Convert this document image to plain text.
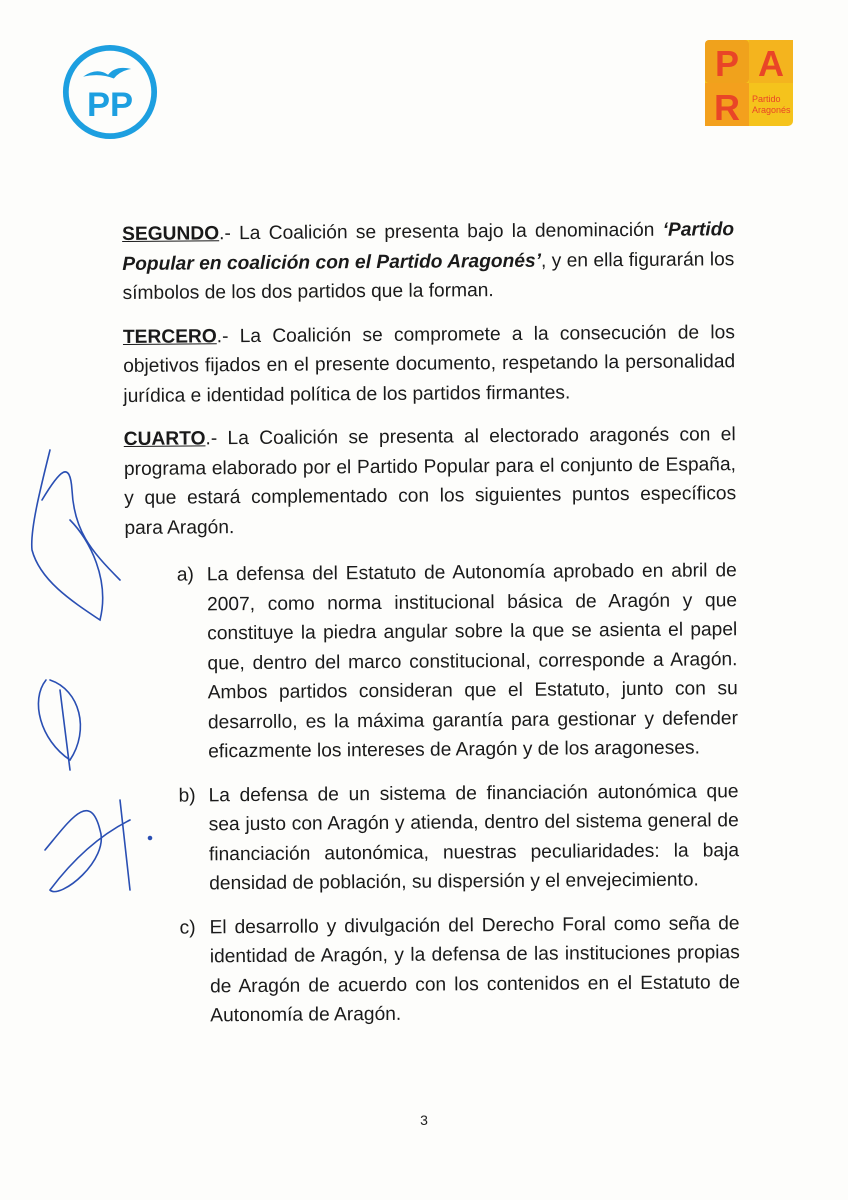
PP
P A
R Partido
Aragonés

SEGUNDO.- La Coalición se presenta bajo la denominación ‘Partido Popular en coalición con el Partido Aragonés’, y en ella figurarán los símbolos de los dos partidos que la forman.

TERCERO.- La Coalición se compromete a la consecución de los objetivos fijados en el presente documento, respetando la personalidad jurídica e identidad política de los partidos firmantes.

CUARTO.- La Coalición se presenta al electorado aragonés con el programa elaborado por el Partido Popular para el conjunto de España, y que estará complementado con los siguientes puntos específicos para Aragón.

a) La defensa del Estatuto de Autonomía aprobado en abril de 2007, como norma institucional básica de Aragón y que constituye la piedra angular sobre la que se asienta el papel que, dentro del marco constitucional, corresponde a Aragón. Ambos partidos consideran que el Estatuto, junto con su desarrollo, es la máxima garantía para gestionar y defender eficazmente los intereses de Aragón y de los aragoneses.

b) La defensa de un sistema de financiación autonómica que sea justo con Aragón y atienda, dentro del sistema general de financiación autonómica, nuestras peculiaridades: la baja densidad de población, su dispersión y el envejecimiento.

c) El desarrollo y divulgación del Derecho Foral como seña de identidad de Aragón, y la defensa de las instituciones propias de Aragón de acuerdo con los contenidos en el Estatuto de Autonomía de Aragón.

3
